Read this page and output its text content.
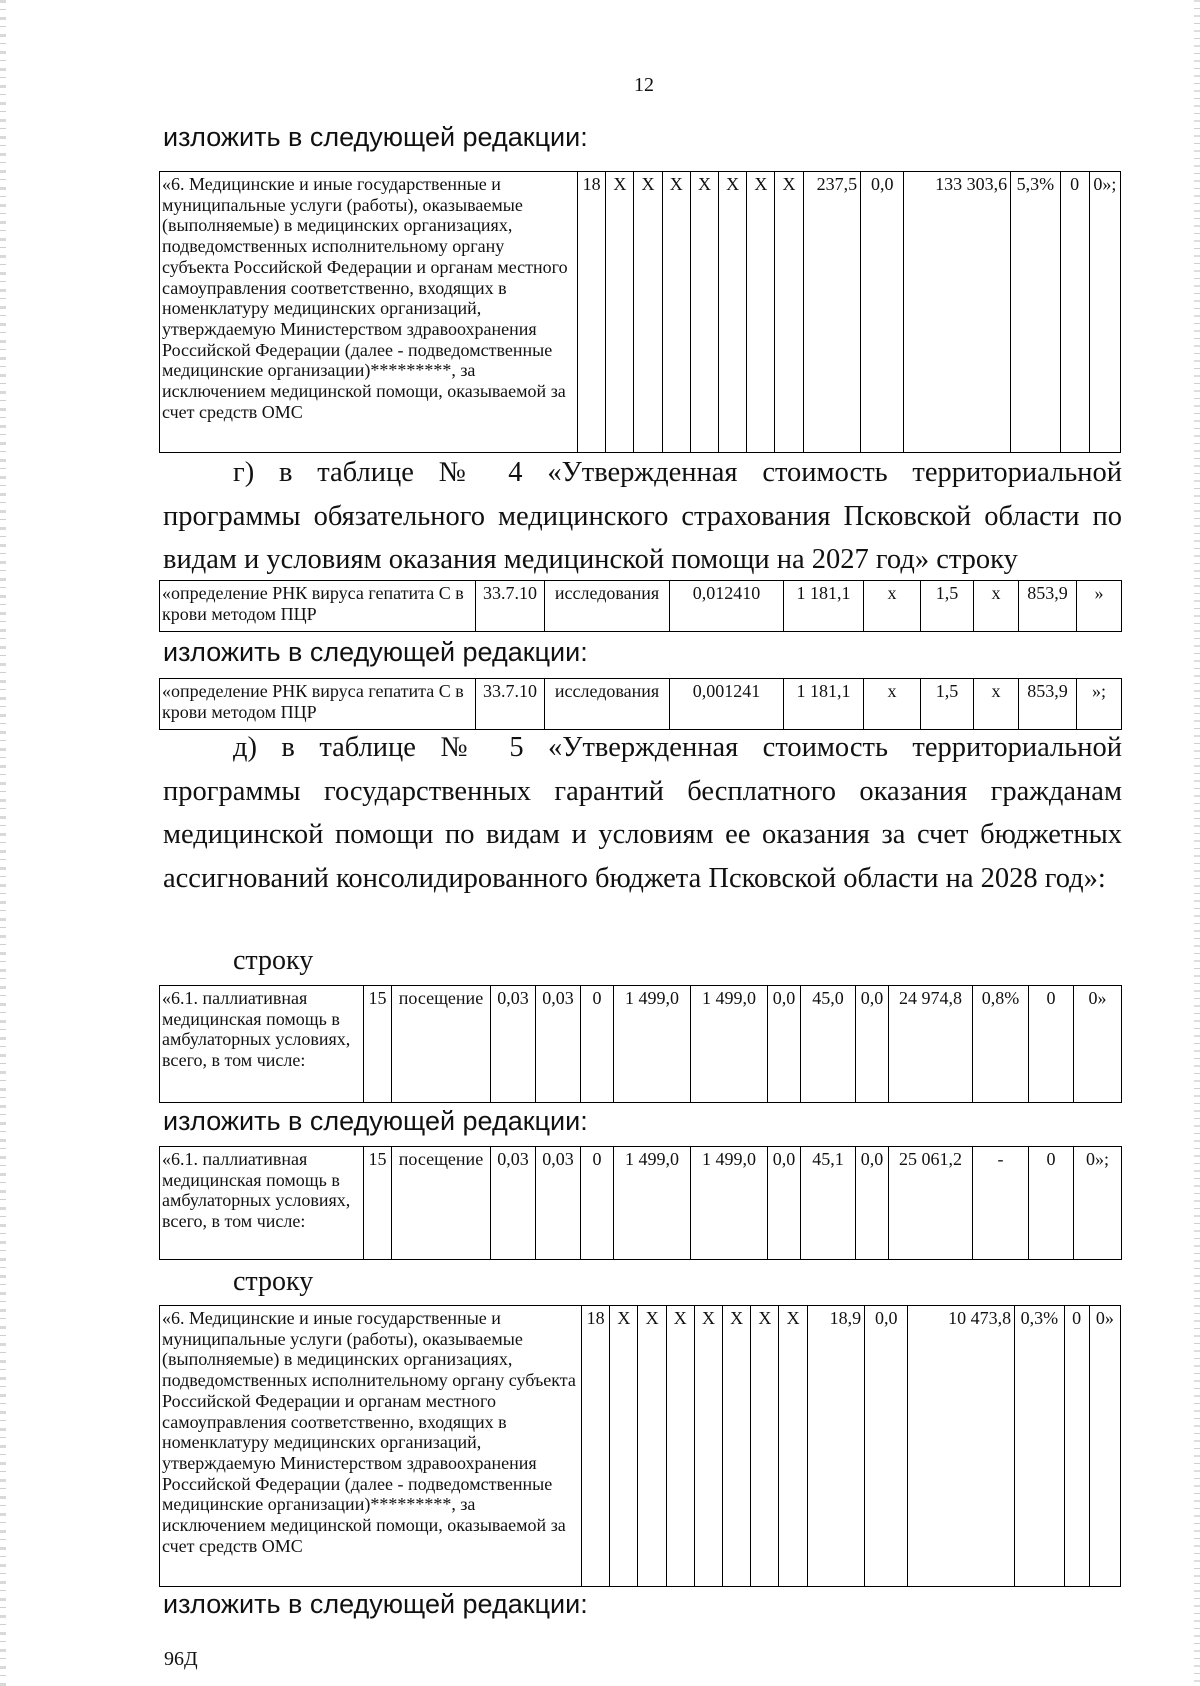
12
изложить в следующей редакции:
«6. Медицинские и иные государственные и муниципальные услуги (работы), оказываемые (выполняемые) в медицинских организациях, подведомственных исполнительному органу субъекта Российской Федерации и органам местного самоуправления соответственно, входящих в номенклатуру медицинских организаций, утверждаемую Министерством здравоохранения Российской Федерации (далее - подведомственные медицинские организации)*********, за исключением медицинской помощи, оказываемой за счет средств ОМС	18	X	X	X	X	X	X	X	237,5	0,0	133 303,6	5,3%	0	0»;
г) в таблице № 4 «Утвержденная стоимость территориальной программы обязательного медицинского страхования Псковской области по видам и условиям оказания медицинской помощи на 2027 год» строку
«определение РНК вируса гепатита С в крови методом ПЦР	33.7.10	исследования	0,012410	1 181,1	х	1,5	х	853,9	»
изложить в следующей редакции:
«определение РНК вируса гепатита С в крови методом ПЦР	33.7.10	исследования	0,001241	1 181,1	х	1,5	х	853,9	»;
д) в таблице № 5 «Утвержденная стоимость территориальной программы государственных гарантий бесплатного оказания гражданам медицинской помощи по видам и условиям ее оказания за счет бюджетных ассигнований консолидированного бюджета Псковской области на 2028 год»:
строку
«6.1. паллиативная медицинская помощь в амбулаторных условиях, всего, в том числе:	15	посещение	0,03	0,03	0	1 499,0	1 499,0	0,0	45,0	0,0	24 974,8	0,8%	0	0»
изложить в следующей редакции:
«6.1. паллиативная медицинская помощь в амбулаторных условиях, всего, в том числе:	15	посещение	0,03	0,03	0	1 499,0	1 499,0	0,0	45,1	0,0	25 061,2	-	0	0»;
строку
«6. Медицинские и иные государственные и муниципальные услуги (работы), оказываемые (выполняемые) в медицинских организациях, подведомственных исполнительному органу субъекта Российской Федерации и органам местного самоуправления соответственно, входящих в номенклатуру медицинских организаций, утверждаемую Министерством здравоохранения Российской Федерации (далее - подведомственные медицинские организации)*********, за исключением медицинской помощи, оказываемой за счет средств ОМС	18	X	X	X	X	X	X	X	18,9	0,0	10 473,8	0,3%	0	0»
изложить в следующей редакции:
96Д
